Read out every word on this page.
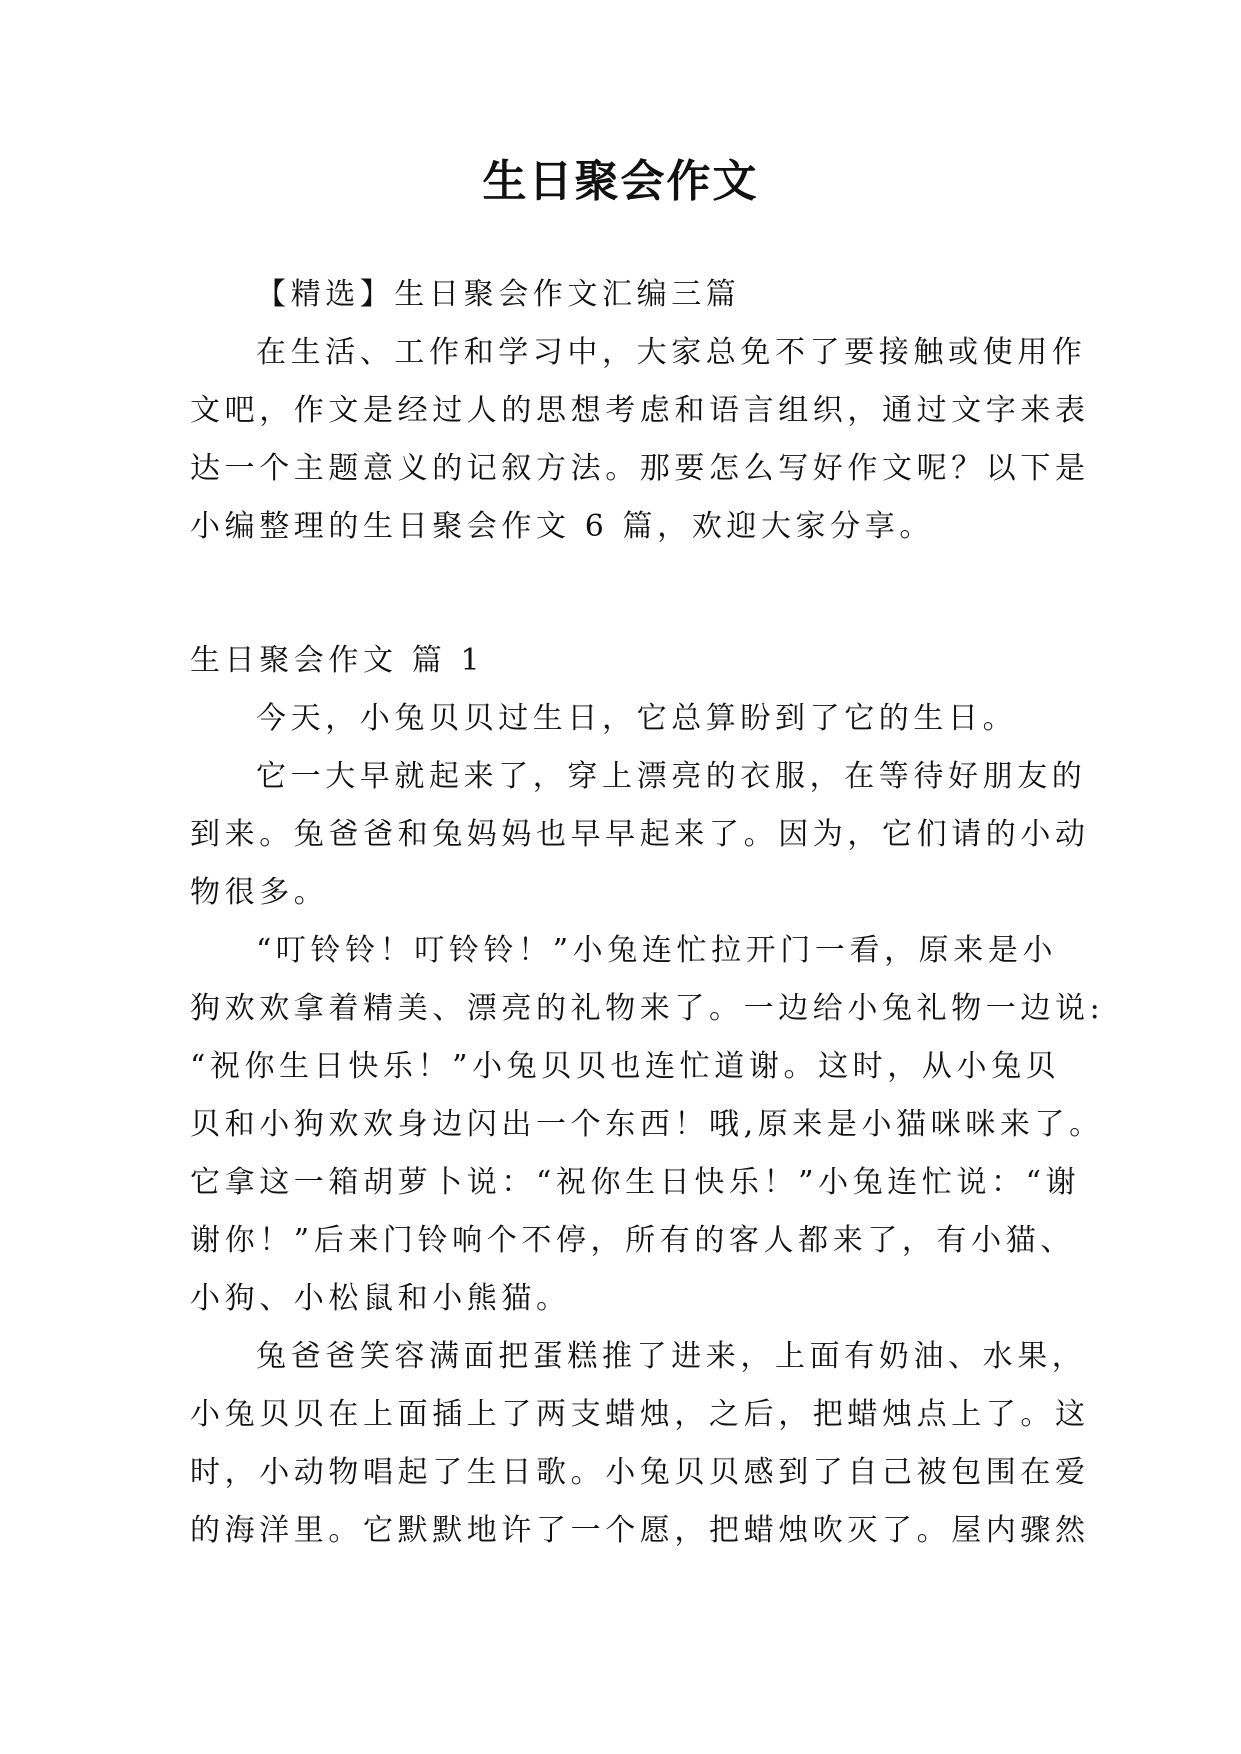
生日聚会作文
【精选】生日聚会作文汇编三篇
在生活、工作和学习中，大家总免不了要接触或使用作
文吧，作文是经过人的思想考虑和语言组织，通过文字来表
达一个主题意义的记叙方法。那要怎么写好作文呢？以下是
小编整理的生日聚会作文 6 篇，欢迎大家分享。
生日聚会作文 篇 1
今天，小兔贝贝过生日，它总算盼到了它的生日。
它一大早就起来了，穿上漂亮的衣服，在等待好朋友的
到来。兔爸爸和兔妈妈也早早起来了。因为，它们请的小动
物很多。
“叮铃铃！叮铃铃！”小兔连忙拉开门一看，原来是小
狗欢欢拿着精美、漂亮的礼物来了。一边给小兔礼物一边说:
“祝你生日快乐！”小兔贝贝也连忙道谢。这时，从小兔贝
贝和小狗欢欢身边闪出一个东西！哦,原来是小猫咪咪来了。
它拿这一箱胡萝卜说：“祝你生日快乐！”小兔连忙说：“谢
谢你！”后来门铃响个不停，所有的客人都来了，有小猫、
小狗、小松鼠和小熊猫。
兔爸爸笑容满面把蛋糕推了进来，上面有奶油、水果，
小兔贝贝在上面插上了两支蜡烛，之后，把蜡烛点上了。这
时，小动物唱起了生日歌。小兔贝贝感到了自己被包围在爱
的海洋里。它默默地许了一个愿，把蜡烛吹灭了。屋内骤然
